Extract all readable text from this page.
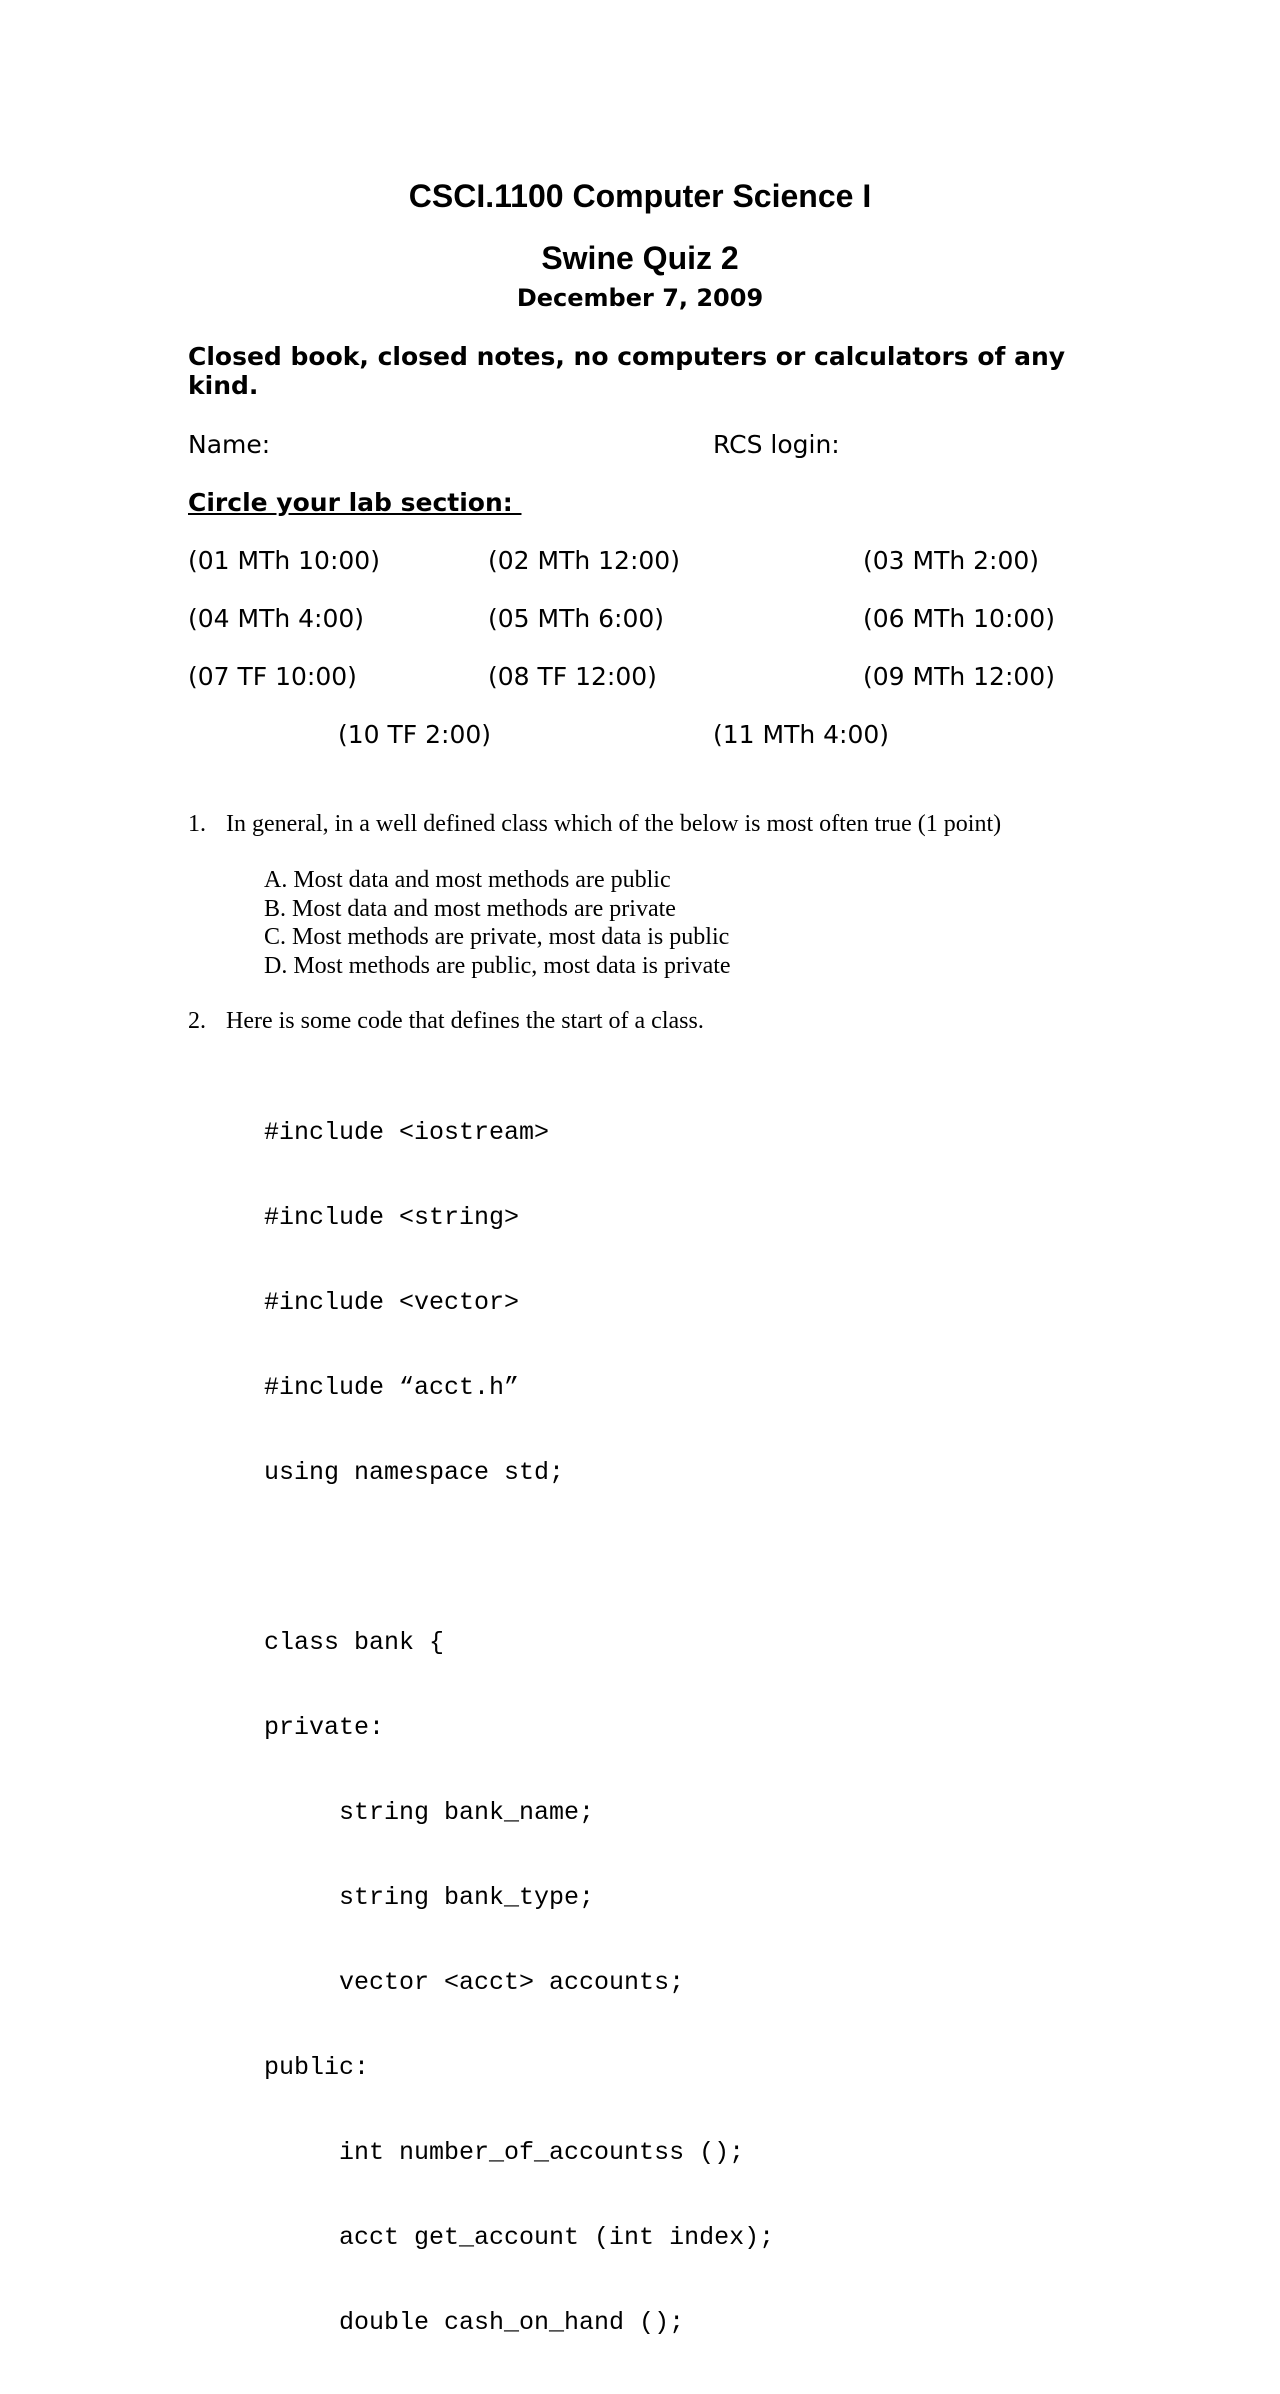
CSCI.1100 Computer Science I
Swine Quiz 2
December 7, 2009

Closed book, closed notes, no computers or calculators of any kind.

Name:	RCS login:
Circle your lab section:
(01 MTh 10:00)	(02 MTh 12:00)	(03 MTh 2:00)
(04 MTh 4:00)	(05 MTh 6:00)	(06 MTh 10:00)
(07 TF 10:00)	(08 TF 12:00)	(09 MTh 12:00)
(10 TF 2:00)	(11 MTh 4:00)

1. In general, in a well defined class which of the below is most often true (1 point)

A. Most data and most methods are public
B. Most data and most methods are private
C. Most methods are private, most data is public
D. Most methods are public, most data is private

2. Here is some code that defines the start of a class.

#include <iostream>

#include <string>

#include <vector>

#include “acct.h”

using namespace std;

class bank {

private:

string bank_name;

string bank_type;

vector <acct> accounts;

public:

int number_of_accountss ();

acct get_account (int index);

double cash_on_hand ();
